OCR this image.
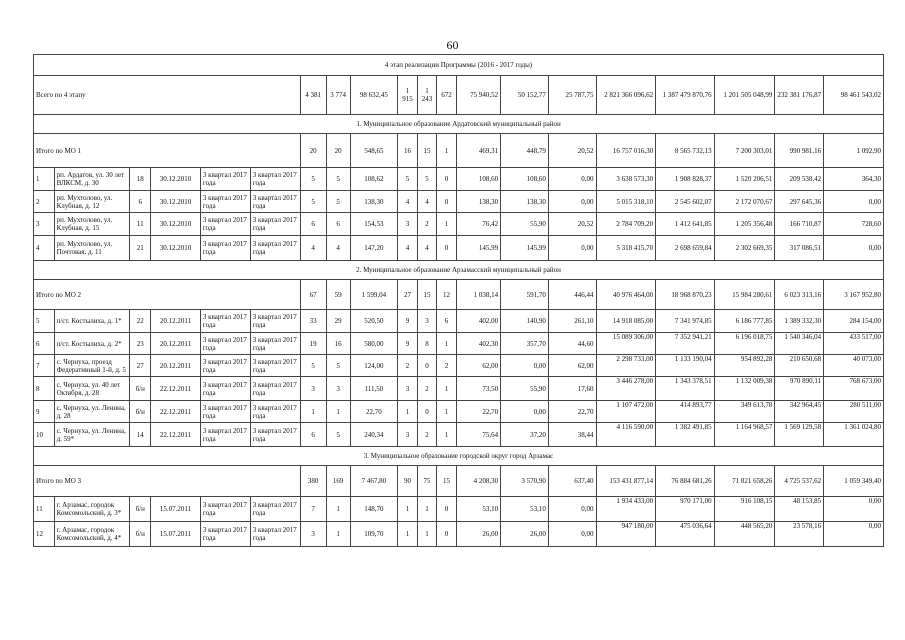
60
4 этап реализации Программы (2016 - 2017 годы)																			
Всего по 4 этапу						4 381	3 774	98 632,45	1 915	1 243	672	75 940,52	50 152,77	25 787,75	2 821 366 096,62	1 387 479 870,76	1 201 505 048,99	232 381 176,87	98 461 543,02
1. Муниципальное образование Ардатовский муниципальный район																			
Итого по МО 1						20	20	548,65	16	15	1	469,31	448,79	20,52	16 757 016,30	8 565 732,13	7 200 303,01	990 981,16	1 092,90
1	рп. Ардатов, ул. 30 лет ВЛКСМ, д. 30	18	30.12.2010	3 квартал 2017 года	3 квартал 2017 года	5	5	108,62	5	5	0	108,60	108,60	0,00	3 638 573,30	1 908 828,37	1 520 206,51	209 538,42	364,30
2	рп. Мухтолово, ул. Клубная, д. 12	6	30.12.2010	3 квартал 2017 года	3 квартал 2017 года	5	5	138,30	4	4	0	138,30	138,30	0,00	5 015 318,10	2 545 602,07	2 172 070,67	297 645,36	0,00
3	рп. Мухтолово, ул. Клубная, д. 15	11	30.12.2010	3 квартал 2017 года	3 квартал 2017 года	6	6	154,53	3	2	1	76,42	55,90	20,52	2 784 709,20	1 412 641,85	1 205 356,48	166 710,87	728,60
4	рп. Мухтолово, ул. Почтовая, д. 11	21	30.12.2010	3 квартал 2017 года	3 квартал 2017 года	4	4	147,20	4	4	0	145,99	145,99	0,00	5 318 415,70	2 698 659,84	2 302 669,35	317 086,51	0,00
2. Муниципальное образование Арзамасский муниципальный район																			
Итого по МО 2						67	59	1 599,04	27	15	12	1 038,14	591,70	446,44	40 976 464,00	18 968 870,23	15 984 280,61	6 023 313,16	3 167 952,80
5	п/ст. Костылиха, д. 1*	22	20.12.2011	3 квартал 2017 года	3 квартал 2017 года	33	29	520,50	9	3	6	402,00	140,90	261,10	14 918 085,00	7 341 974,85	6 186 777,85	1 389 332,30	284 154,00
6	п/ст. Костылиха, д. 2*	23	20.12.2011	3 квартал 2017 года	3 квартал 2017 года	19	16	580,00	9	8	1	402,30	357,70	44,60	15 089 306,00	7 352 941,21	6 196 018,75	1 540 346,04	433 517,00
7	с. Чернуха, проезд Федеративный 1-й, д. 5	27	20.12.2011	3 квартал 2017 года	3 квартал 2017 года	5	5	124,00	2	0	2	62,00	0,00	62,00	2 298 733,00	1 133 190,04	954 892,28	210 650,68	40 073,00
8	с. Чернуха, ул. 40 лет Октября, д. 28	б/н	22.12.2011	3 квартал 2017 года	3 квартал 2017 года	3	3	111,50	3	2	1	73,50	55,90	17,60	3 446 278,00	1 343 378,51	1 132 009,38	970 890,11	768 673,00
9	с. Чернуха, ул. Ленина, д. 28	б/н	22.12.2011	3 квартал 2017 года	3 квартал 2017 года	1	1	22,70	1	0	1	22,70	0,00	22,70	1 107 472,00	414 893,77	349 613,78	342 964,45	280 511,00
10	с. Чернуха, ул. Ленина, д. 59*	14	22.12.2011	3 квартал 2017 года	3 квартал 2017 года	6	5	240,34	3	2	1	75,64	37,20	38,44	4 116 590,00	1 382 491,85	1 164 968,57	1 569 129,58	1 361 024,80
3. Муниципальное образование городской округ город Арзамас																			
Итого по МО 3						380	169	7 467,80	90	75	15	4 208,30	3 570,90	637,40	153 431 877,14	76 884 681,26	71 821 658,26	4 725 537,62	1 059 349,40
11	г. Арзамас, городок Комсомольский, д. 3*	б/н	15.07.2011	3 квартал 2017 года	3 квартал 2017 года	7	1	148,70	1	1	0	53,10	53,10	0,00	1 934 433,00	970 171,00	916 108,15	48 153,85	0,00
12	г. Арзамас, городок Комсомольский, д. 4*	б/н	15.07.2011	3 квартал 2017 года	3 квартал 2017 года	3	1	109,70	1	1	0	26,00	26,00	0,00	947 180,00	475 036,64	448 565,20	23 578,16	0,00
